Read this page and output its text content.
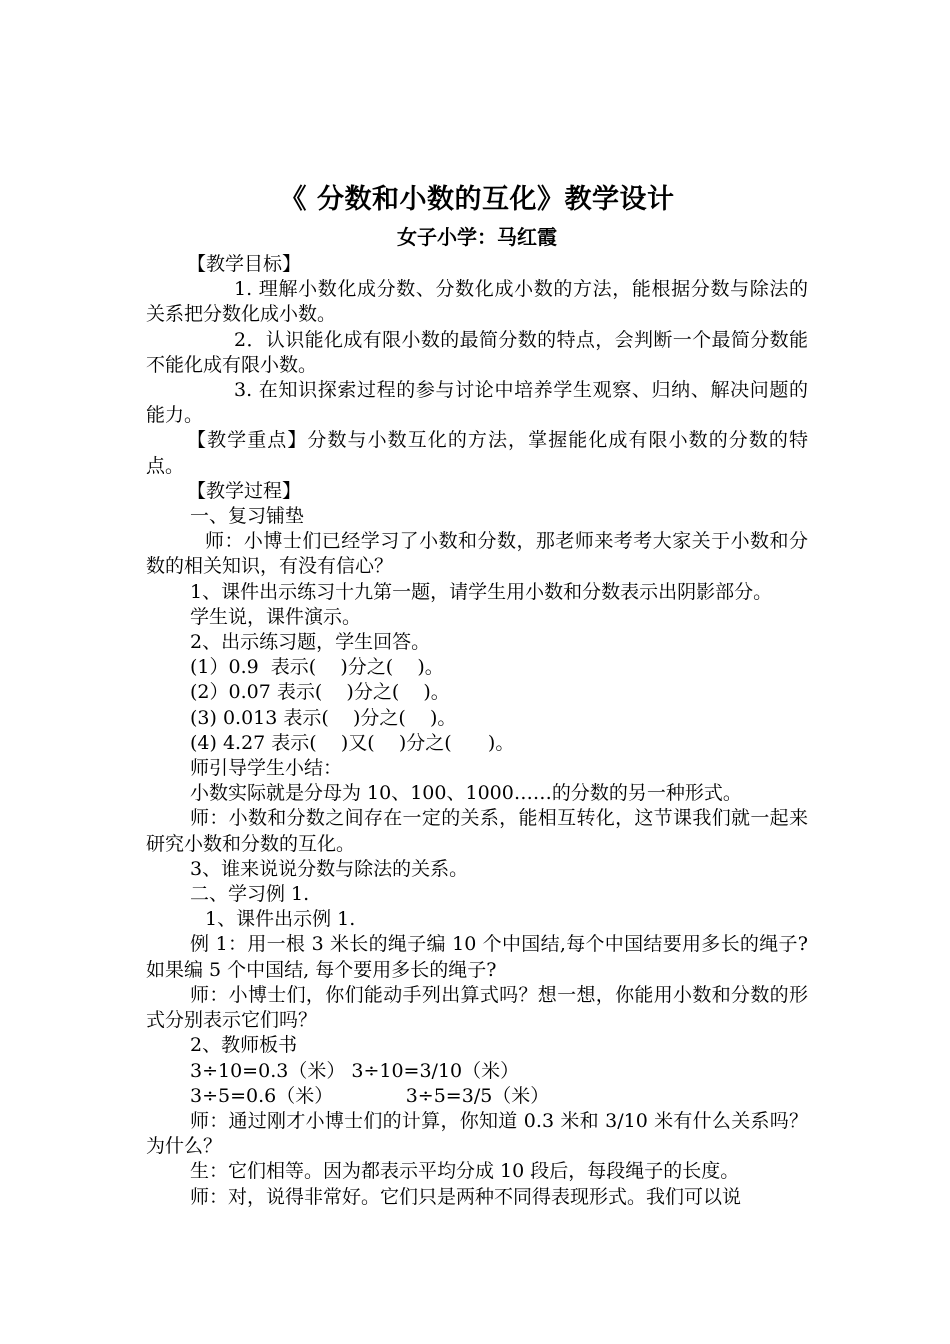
《 分数和小数的互化》教学设计

女子小学：马红霞

【教学目标】

1. 理解小数化成分数、分数化成小数的方法，能根据分数与除法的关系把分数化成小数。

2．认识能化成有限小数的最简分数的特点，会判断一个最简分数能不能化成有限小数。

3. 在知识探索过程的参与讨论中培养学生观察、归纳、解决问题的能力。

【教学重点】分数与小数互化的方法，掌握能化成有限小数的分数的特点。

【教学过程】

一、复习铺垫

师：小博士们已经学习了小数和分数，那老师来考考大家关于小数和分数的相关知识，有没有信心？

1、课件出示练习十九第一题，请学生用小数和分数表示出阴影部分。

学生说，课件演示。

2、出示练习题，学生回答。

(1）0.9  表示(    )分之(    )。

(2）0.07 表示(    )分之(    )。

(3) 0.013 表示(    )分之(    )。

(4) 4.27 表示(    )又(    )分之(      )。

师引导学生小结：

小数实际就是分母为 10、100、1000……的分数的另一种形式。

师：小数和分数之间存在一定的关系，能相互转化，这节课我们就一起来研究小数和分数的互化。

3、谁来说说分数与除法的关系。

二、学习例 1.

1、课件出示例 1.

例 1：用一根 3 米长的绳子编 10 个中国结,每个中国结要用多长的绳子? 如果编 5 个中国结, 每个要用多长的绳子?

师：小博士们，你们能动手列出算式吗？想一想，你能用小数和分数的形式分别表示它们吗？

2、教师板书

3÷10=0.3（米） 3÷10=3/10（米）

3÷5=0.6（米）            3÷5=3/5（米）

师：通过刚才小博士们的计算，你知道 0.3 米和 3/10 米有什么关系吗？为什么？

生：它们相等。因为都表示平均分成 10 段后，每段绳子的长度。

师：对，说得非常好。它们只是两种不同得表现形式。我们可以说
